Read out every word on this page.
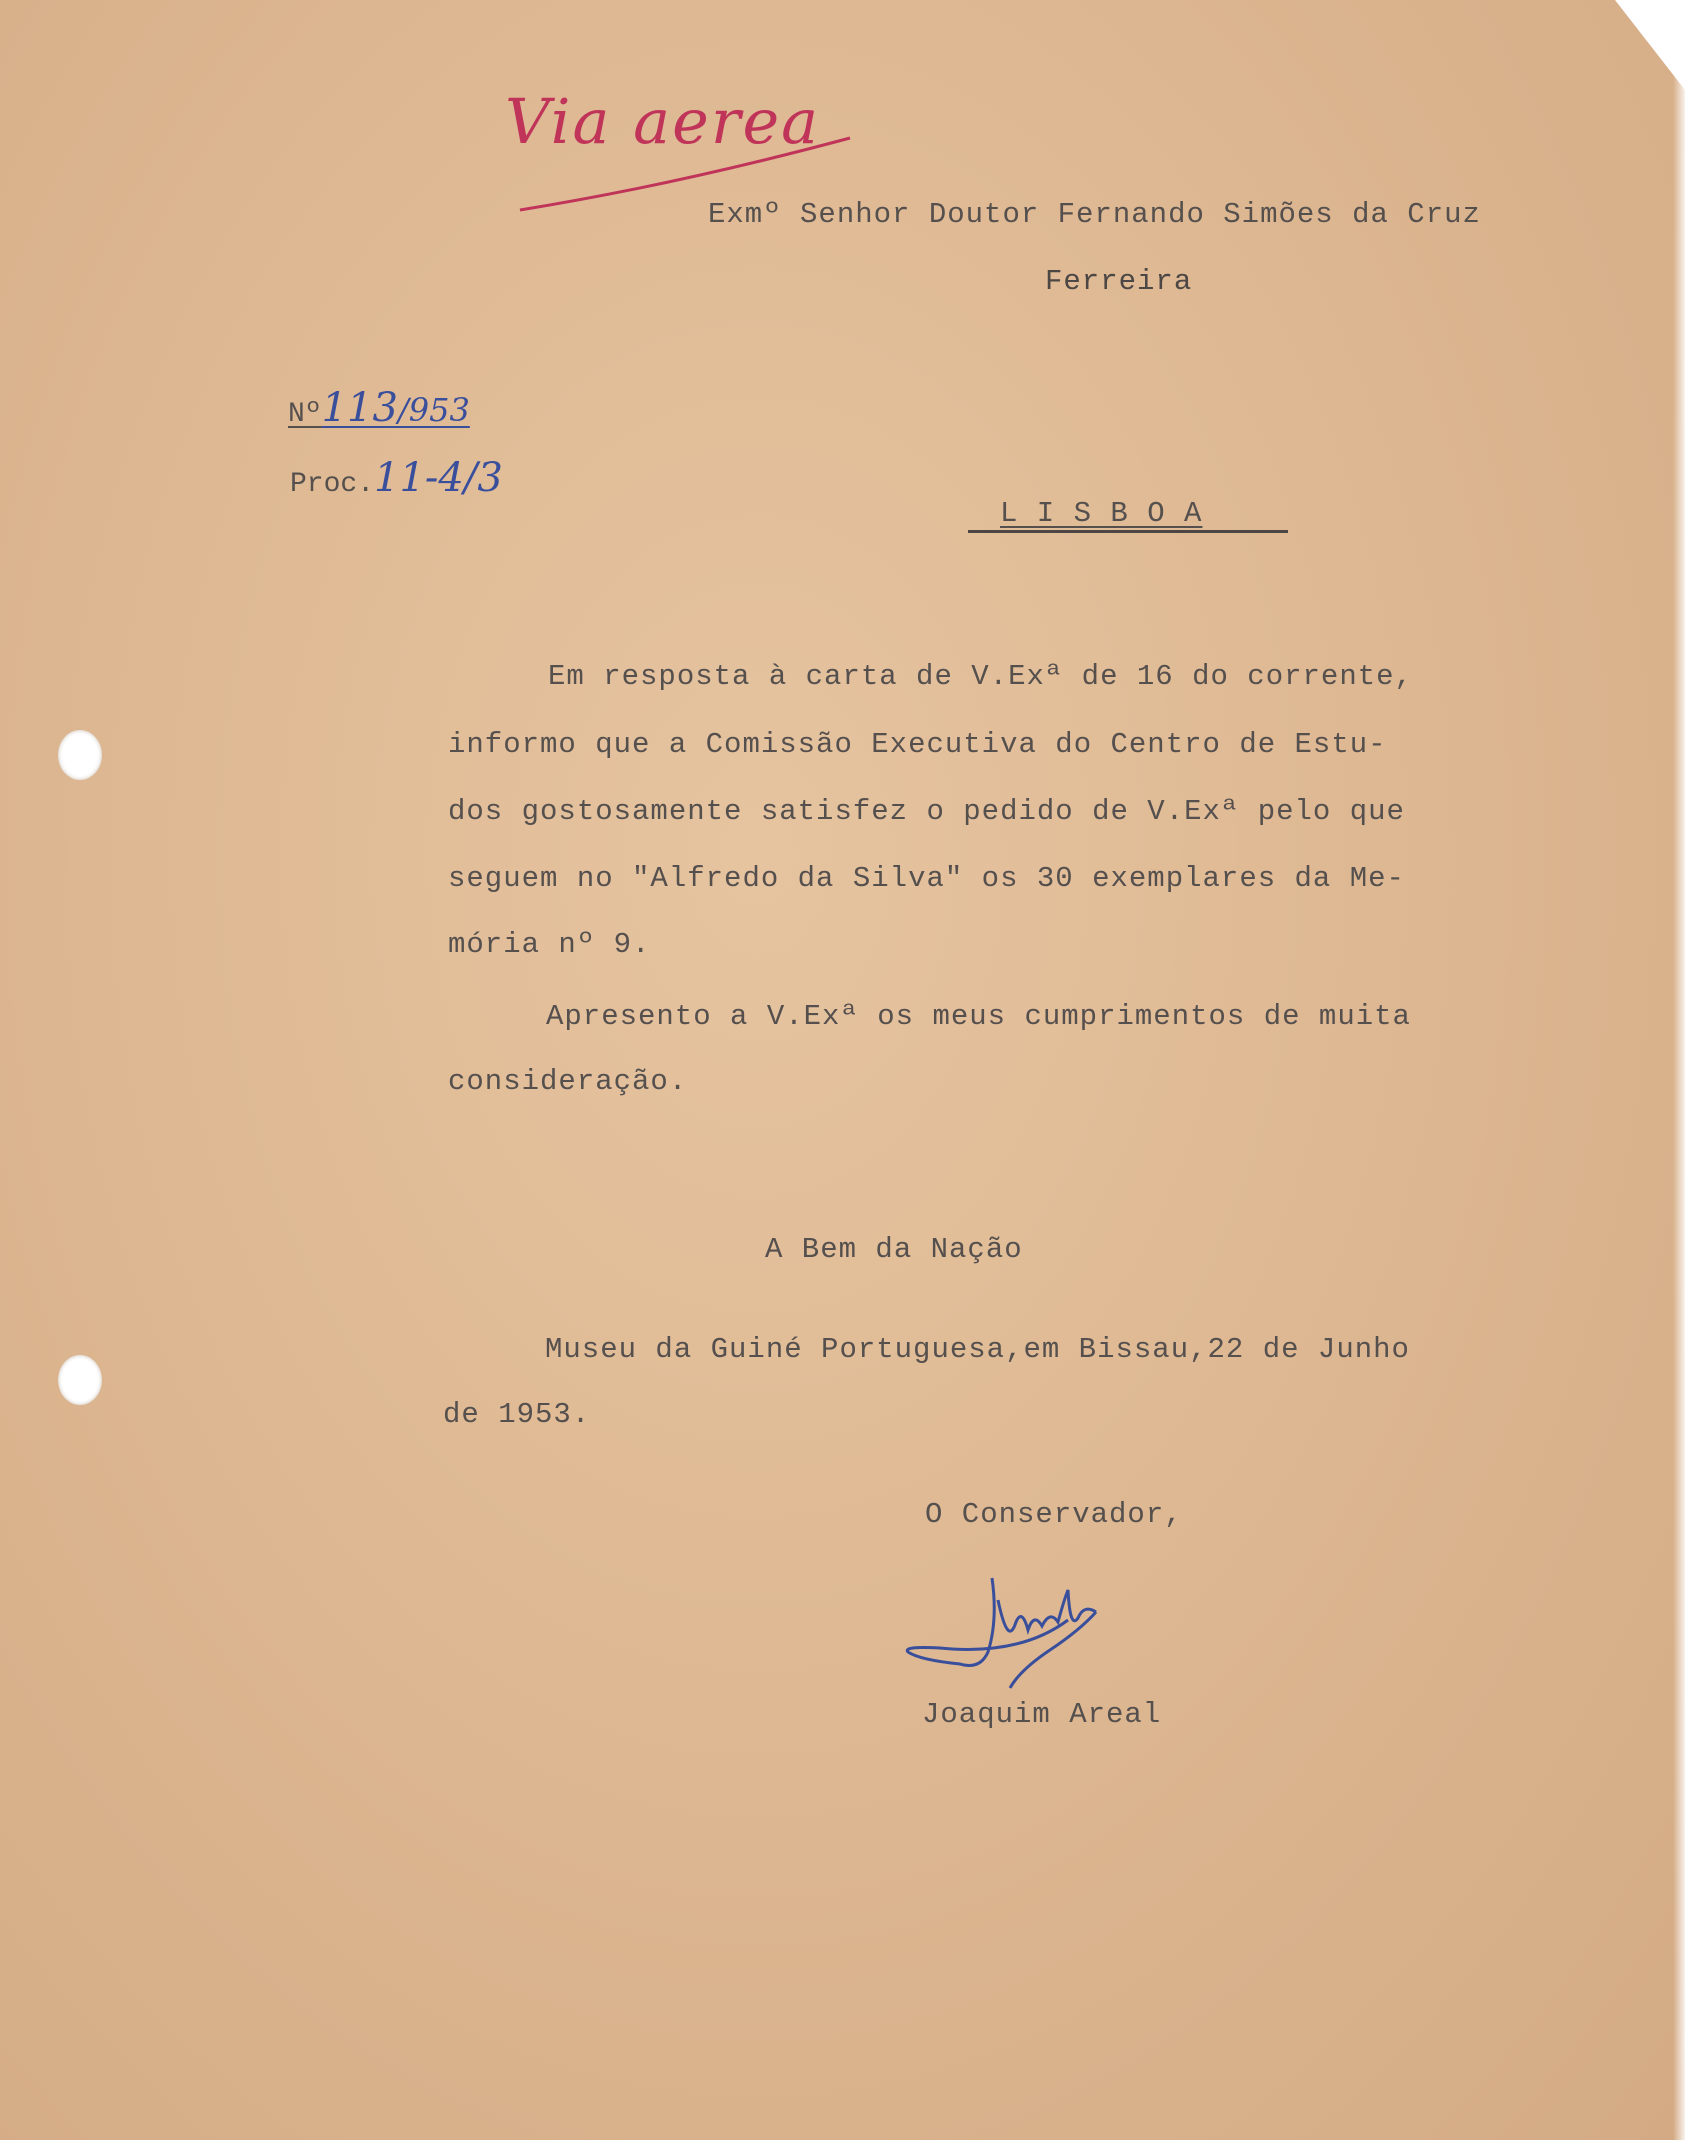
Via aerea
Exmº Senhor Doutor Fernando Simões da Cruz
Ferreira
Nº113/953
Proc.11-4/3
L I S B O A
Em resposta à carta de V.Exª de 16 do corrente,
informo que a Comissão Executiva do Centro de Estu-
dos gostosamente satisfez o pedido de V.Exª pelo que
seguem no "Alfredo da Silva" os 30 exemplares da Me-
mória nº 9.
Apresento a V.Exª os meus cumprimentos de muita
consideração.
A Bem da Nação
Museu da Guiné Portuguesa,em Bissau,22 de Junho
de 1953.
O Conservador,
Joaquim Areal
